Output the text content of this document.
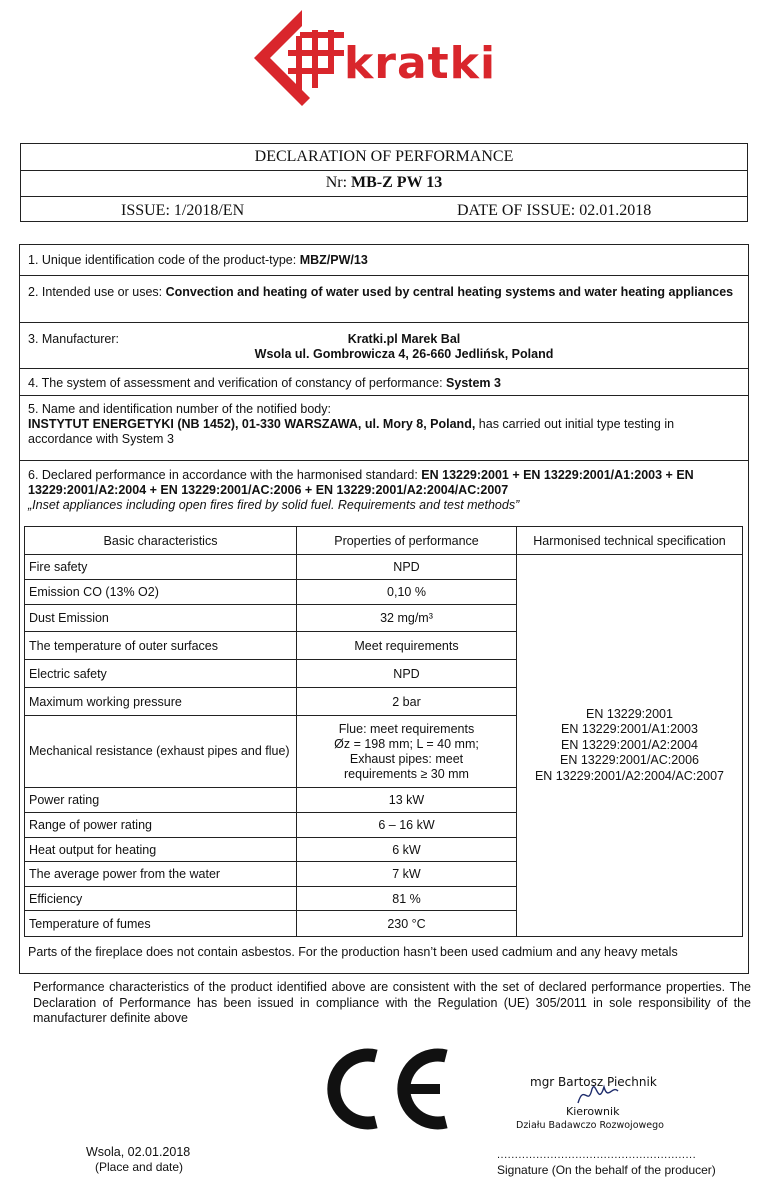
kratki
DECLARATION OF PERFORMANCE
Nr: MB-Z PW 13
ISSUE: 1/2018/EN	DATE OF ISSUE: 02.01.2018
1. Unique identification code of the product-type: MBZ/PW/13
2. Intended use or uses: Convection and heating of water used by central heating systems and water heating appliances
3. Manufacturer:	Kratki.pl Marek Bal
Wsola ul. Gombrowicza 4, 26-660 Jedlińsk, Poland
4. The system of assessment and verification of constancy of performance: System 3
5. Name and identification number of the notified body:
INSTYTUT ENERGETYKI (NB 1452), 01-330 WARSZAWA, ul. Mory 8, Poland, has carried out initial type testing in accordance with System 3
6. Declared performance in accordance with the harmonised standard: EN 13229:2001 + EN 13229:2001/A1:2003 + EN 13229:2001/A2:2004 + EN 13229:2001/AC:2006 + EN 13229:2001/A2:2004/AC:2007
„Inset appliances including open fires fired by solid fuel. Requirements and test methods”
Basic characteristics	Properties of performance	Harmonised technical specification
Fire safety	NPD
Emission CO (13% O2)	0,10 %
Dust Emission	32 mg/m³
The temperature of outer surfaces	Meet requirements
Electric safety	NPD
Maximum working pressure	2 bar
Mechanical resistance (exhaust pipes and flue)
Flue: meet requirements
Øz = 198 mm; L = 40 mm;
Exhaust pipes: meet
requirements ≥ 30 mm
Power rating	13 kW
Range of power rating	6 – 16 kW
Heat output for heating	6 kW
The average power from the water	7 kW
Efficiency	81 %
Temperature of fumes	230 °C
EN 13229:2001
EN 13229:2001/A1:2003
EN 13229:2001/A2:2004
EN 13229:2001/AC:2006
EN 13229:2001/A2:2004/AC:2007
Parts of the fireplace does not contain asbestos. For the production hasn’t been used cadmium and any heavy metals
Performance characteristics of the product identified above are consistent with the set of declared performance properties. The Declaration of Performance has been issued in compliance with the Regulation (UE) 305/2011 in sole responsibility of the manufacturer definite above
Wsola, 02.01.2018
(Place and date)
mgr Bartosz Piechnik
Kierownik
Działu Badawczo Rozwojowego
........................................................
Signature (On the behalf of the producer)
